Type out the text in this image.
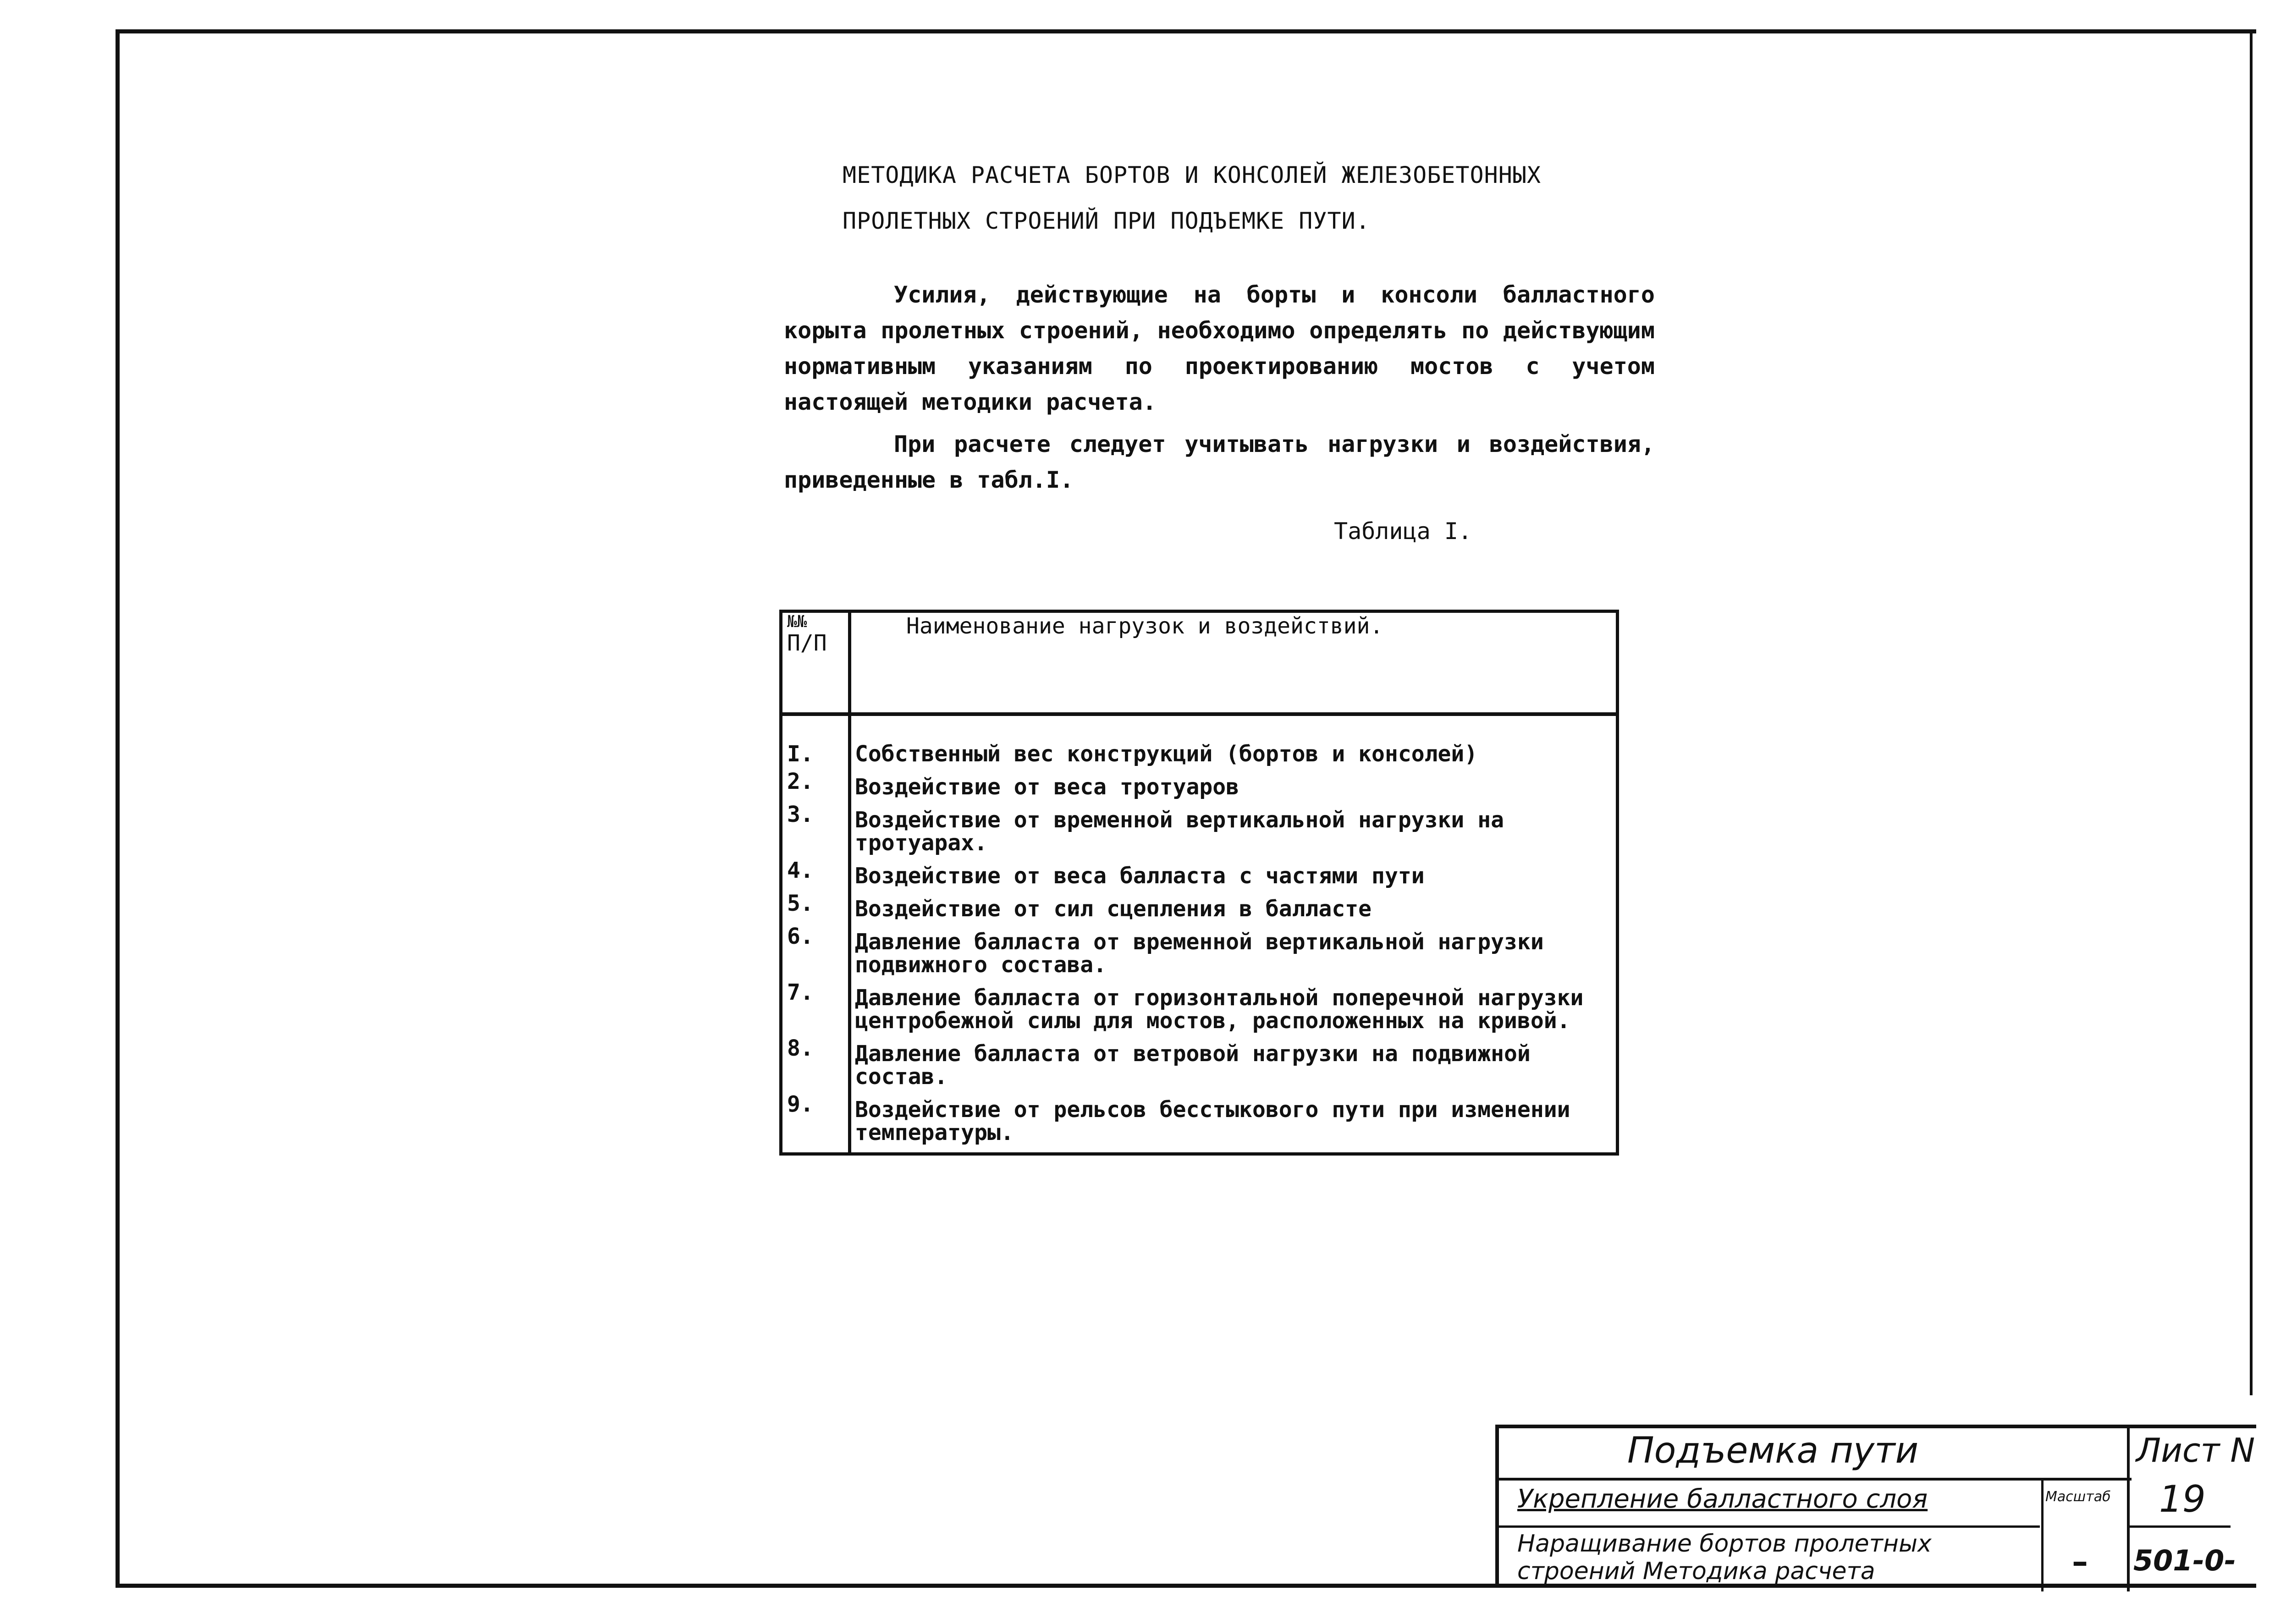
МЕТОДИКА РАСЧЕТА БОРТОВ И КОНСОЛЕЙ ЖЕЛЕЗОБЕТОННЫХ
ПРОЛЕТНЫХ СТРОЕНИЙ ПРИ ПОДЪЕМКЕ ПУТИ.
Усилия, действующие на борты и консоли балластного корыта пролетных строений, необходимо определять по действующим нормативным указаниям по проектированию мостов с учетом настоящей методики расчета.
При расчете следует учитывать нагрузки и воздействия, приведенные в табл.I.
Таблица I.
№№
П/П	Наименование нагрузок и воздействий.
I.	Собственный вес конструкций (бортов и консолей)
2.	Воздействие от веса тротуаров
3.	Воздействие от временной вертикальной нагрузки на тротуарах.
4.	Воздействие от веса балласта с частями пути
5.	Воздействие от сил сцепления в балласте
6.	Давление балласта от временной вертикальной нагрузки подвижного состава.
7.	Давление балласта от горизонтальной поперечной нагрузки центробежной силы для мостов, расположенных на кривой.
8.	Давление балласта от ветровой нагрузки на подвижной состав.
9.	Воздействие от рельсов бесстыкового пути при изменении температуры.
Подъемка пути
Укрепление балластного слоя
Наращивание бортов пролетных
строений Методика расчета
Масштаб
–
Лист N
19
501-0-
